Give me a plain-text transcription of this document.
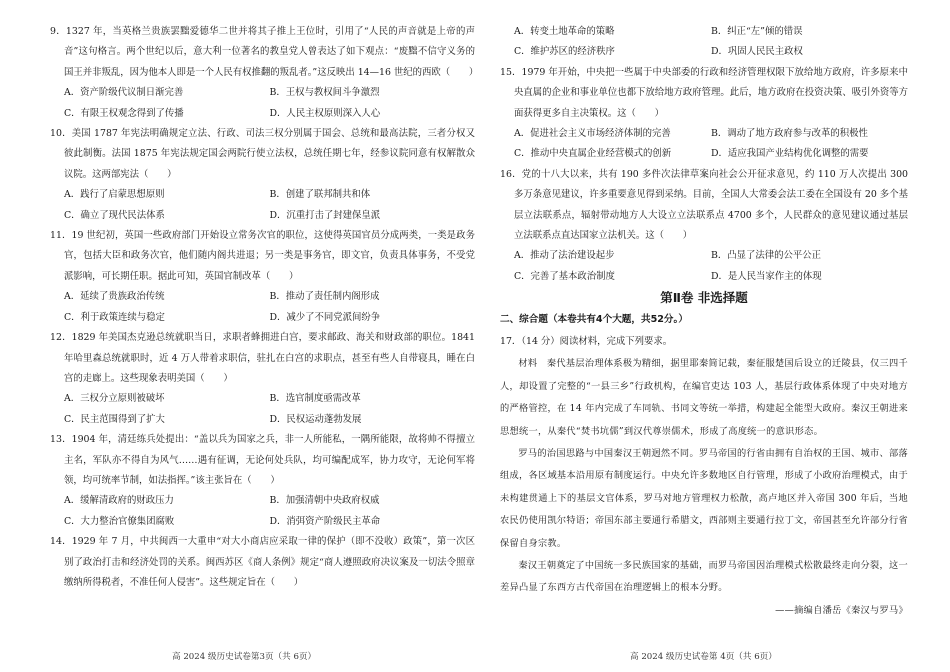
9．1327 年，当英格兰贵族罢黜爱德华二世并将其子推上王位时，引用了“人民的声音就是上帝的声音”这句格言。两个世纪以后，意大利一位著名的教皇党人曾表达了如下观点：“废黜不信守义务的国王并非叛乱，因为他本人即是一个人民有权推翻的叛乱者。”这反映出 14—16 世纪的西欧（　　）
A．资产阶级代议制日渐完善	B．王权与教权间斗争激烈
C．有限王权观念得到了传播	D．人民主权原则深入人心
10．美国 1787 年宪法明确规定立法、行政、司法三权分别属于国会、总统和最高法院，三者分权又彼此制衡。法国 1875 年宪法规定国会两院行使立法权，总统任期七年，经参议院同意有权解散众议院。这两部宪法（　　）
A．践行了启蒙思想原则	B．创建了联邦制共和体
C．确立了现代民法体系	D．沉重打击了封建保皇派
11．19 世纪初，英国一些政府部门开始设立常务次官的职位，这使得英国官员分成两类，一类是政务官，包括大臣和政务次官，他们随内阁共进退；另一类是事务官，即文官，负责具体事务，不受党派影响，可长期任职。据此可知，英国官制改革（　　）
A．延续了贵族政治传统	B．推动了责任制内阁形成
C．利于政策连续与稳定	D．减少了不同党派间纷争
12．1829 年美国杰克逊总统就职当日，求职者蜂拥进白宫，要求邮政、海关和财政部的职位。1841 年哈里森总统就职时，近 4 万人带着求职信，驻扎在白宫的求职点，甚至有些人自带寝具，睡在白宫的走廊上。这些现象表明美国（　　）
A．三权分立原则被破坏	B．选官制度亟需改革
C．民主范围得到了扩大	D．民权运动蓬勃发展
13．1904 年，清廷练兵处提出：“盖以兵为国家之兵，非一人所能私，一隅所能限，故将帅不得擅立主名，军队亦不得自为风气……遇有征调，无论何处兵队，均可编配成军，协力攻守，无论何军将领，均可统率节制，如法指挥。”该主张旨在（　　）
A．缓解清政府的财政压力	B．加强清朝中央政府权威
C．大力整治官僚集团腐败	D．消弭资产阶级民主革命
14．1929 年 7 月，中共闽西一大重申“对大小商店应采取一律的保护（即不没收）政策”，第一次区别了政治打击和经济处罚的关系。闽西苏区《商人条例》规定“商人遵照政府决议案及一切法令照章缴纳所得税者，不准任何人侵害”。这些规定旨在（　　）
A．转变土地革命的策略	B．纠正“左”倾的错误
C．维护苏区的经济秩序	D．巩固人民民主政权
15．1979 年开始，中央把一些属于中央部委的行政和经济管理权限下放给地方政府，许多原来中央直属的企业和事业单位也都下放给地方政府管理。此后，地方政府在投资决策、吸引外资等方面获得更多自主决策权。这（　　）
A．促进社会主义市场经济体制的完善	B．调动了地方政府参与改革的积极性
C．推动中央直属企业经营模式的创新	D．适应我国产业结构优化调整的需要
16．党的十八大以来，共有 190 多件次法律草案向社会公开征求意见，约 110 万人次提出 300 多万条意见建议，许多重要意见得到采纳。目前，全国人大常委会法工委在全国设有 20 多个基层立法联系点，辐射带动地方人大设立立法联系点 4700 多个，人民群众的意见建议通过基层立法联系点直达国家立法机关。这（　　）
A．推动了法治建设起步	B．凸显了法律的公平公正
C．完善了基本政治制度	D．是人民当家作主的体现
第Ⅱ卷 非选择题
二、综合题（本卷共有4个大题，共52分。）
17．（14 分）阅读材料，完成下列要求。

材料　秦代基层治理体系极为精细，据里耶秦简记载，秦征服楚国后设立的迁陵县，仅三四千人，却设置了完整的“一县三乡”行政机构，在编官吏达 103 人，基层行政体系体现了中央对地方的严格管控，在 14 年内完成了车同轨、书同文等统一举措，构建起全能型大政府。秦汉王朝进来思想统一，从秦代“焚书坑儒”到汉代尊崇儒术，形成了高度统一的意识形态。

罗马的治国思路与中国秦汉王朝迥然不同。罗马帝国的行省由拥有自治权的王国、城市、部落组成，各区域基本沿用原有制度运行。中央允许多数地区自行管理，形成了小政府治理模式，由于未构建贯通上下的基层文官体系，罗马对地方管理权力松散，高卢地区并入帝国 300 年后，当地农民仍使用凯尔特语；帝国东部主要通行希腊文，西部则主要通行拉丁文，帝国甚至允许部分行省保留自身宗教。

秦汉王朝奠定了中国统一多民族国家的基础，而罗马帝国因治理模式松散最终走向分裂，这一差异凸显了东西方古代帝国在治理逻辑上的根本分野。

——摘编自潘岳《秦汉与罗马》
高 2024 级历史试卷第3页（共 6页）	高 2024 级历史试卷第 4页（共 6页）
